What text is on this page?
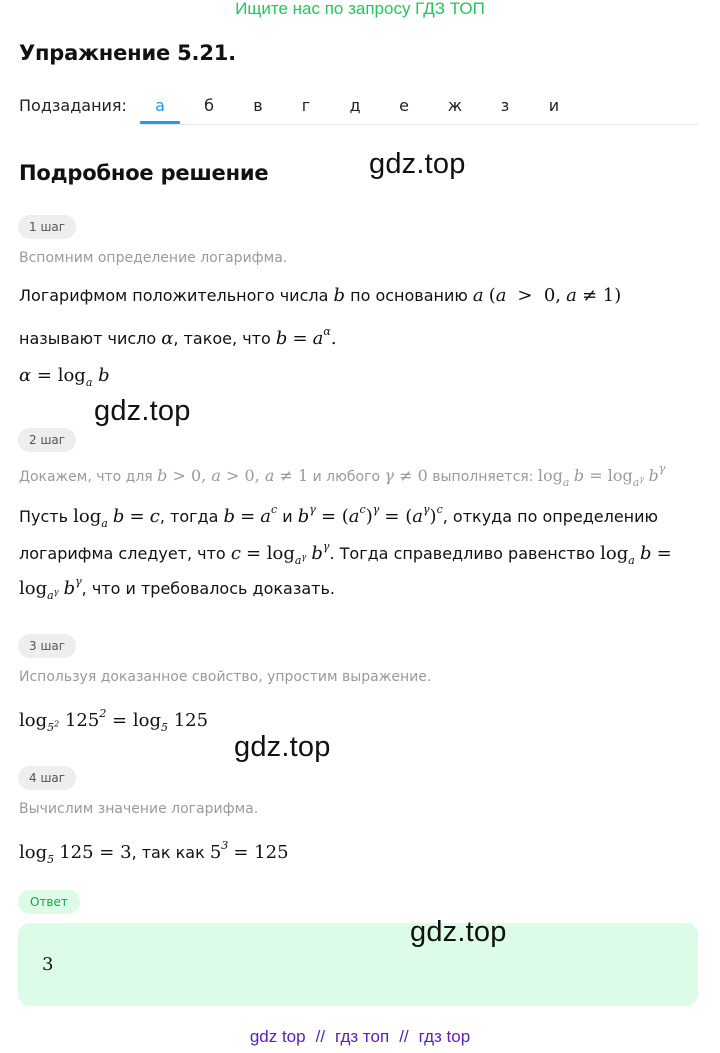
Ищите нас по запросу ГДЗ ТОП
Упражнение 5.21.
Подзадания:	а	б	в	г	д	е	ж	з	и
Подробное решение	gdz.top
1 шаг
Вспомним определение логарифма.
Логарифмом положительного числа b по основанию a (a  >  0, a ≠ 1)
называют число α, такое, что $b = a^\alpha$.
$\alpha = \log_a b$
gdz.top
2 шаг
Докажем, что для b > 0, a > 0, a ≠ 1 и любого γ ≠ 0 выполняется: $\log_a b = \log_{a^\gamma} b^\gamma$
Пусть $\log_a b = c$, тогда $b = a^c$ и $b^\gamma = (a^c)^\gamma = (a^\gamma)^c$, откуда по определению
логарифма следует, что $c = \log_{a^\gamma} b^\gamma$. Тогда справедливо равенство $\log_a b$ =
$\log_{a^\gamma} b^\gamma$, что и требовалось доказать.
3 шаг
Используя доказанное свойство, упростим выражение.
$\log_{5^2} 125^2 = \log_5 125$
gdz.top
4 шаг
Вычислим значение логарифма.
$\log_5 125 = 3$, так как $5^3 = 125$
Ответ
3
gdz.top
gdz top // гдз топ // гдз top
